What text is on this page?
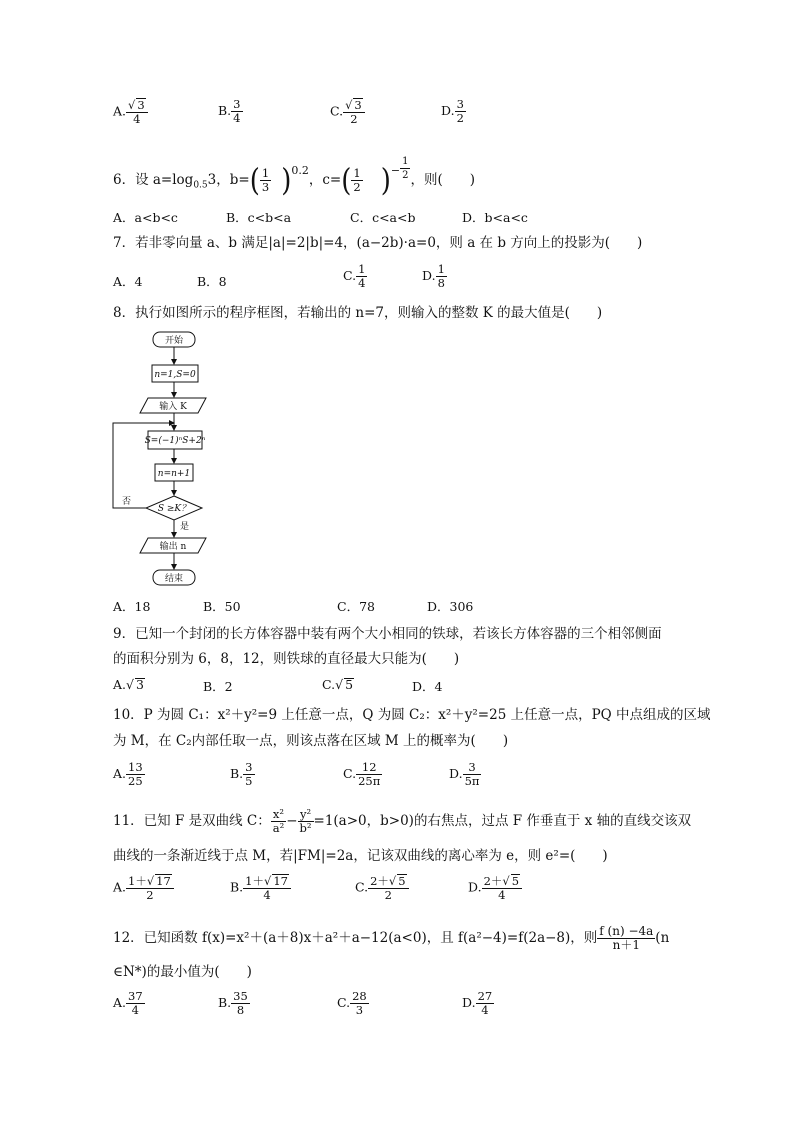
A. $\frac{√ 3}{4}$	B. $\frac{3}{4}$	C. $\frac{√ 3}{2}$	D. $\frac{3}{2}$
6．设 $a=\log_{0.5}3$，$b=( \frac{1}{3} )^{0.2}$，$c=( \frac{1}{2} )^- \frac{1}{2}$ ，则(　　)
A．a<b<c	B．c<b<a	C．c<a<b	D．b<a<c
7．若非零向量 a、b 满足|a|=2|b|=4，(a−2b)·a=0，则 a 在 b 方向上的投影为(　　)
A．4	B．8	C. $\frac{1}{4}$	D. $\frac{1}{8}$
8．执行如图所示的程序框图，若输出的 n=7，则输入的整数 K 的最大值是(　　)
开始
n=1,S=0
输入 K
S=(−1)ⁿS+2ⁿ
n=n+1
S ≥K？
否
是
输出 n
结束
A．18	B．50	C．78	D．306
9．已知一个封闭的长方体容器中装有两个大小相同的铁球，若该长方体容器的三个相邻侧面
的面积分别为 6，8，12，则铁球的直径最大只能为(　　)
A.√ 3	B．2	C.√ 5	D．4
10．P 为圆 C₁：x²＋y²=9 上任意一点，Q 为圆 C₂：x²＋y²=25 上任意一点，PQ 中点组成的区域
为 M，在 C₂内部任取一点，则该点落在区域 M 上的概率为(　　)
A. $\frac{13}{25}$	B. $\frac{3}{5}$	C. $\frac{12}{25\pi}$	D. $\frac{3}{5\pi}$
11．已知 F 是双曲线 C： $\frac{\text{x²}}{\text{a²}} - \frac{\text{y²}}{\text{b²}} =1(a>0$，b>0)的右焦点，过点 F 作垂直于 x 轴的直线交该双
曲线的一条渐近线于点 M，若|FM|=2a，记该双曲线的离心率为 e，则 e²=(　　)
A. $\frac{1+√ 17}{2}$	B. $\frac{1+√ 17}{4}$	C. $\frac{2+√ 5}{2}$	D. $\frac{2+√ 5}{4}$
12．已知函数 f(x)=x²＋(a＋8)x＋a²＋a−12(a<0)，且 f(a²−4)=f(2a−8)，则 $\frac{f (n) -4a}{n+1} (n$
∈N*)的最小值为(　　)
A. $\frac{37}{4}$	B. $\frac{35}{8}$	C. $\frac{28}{3}$	D. $\frac{27}{4}$
